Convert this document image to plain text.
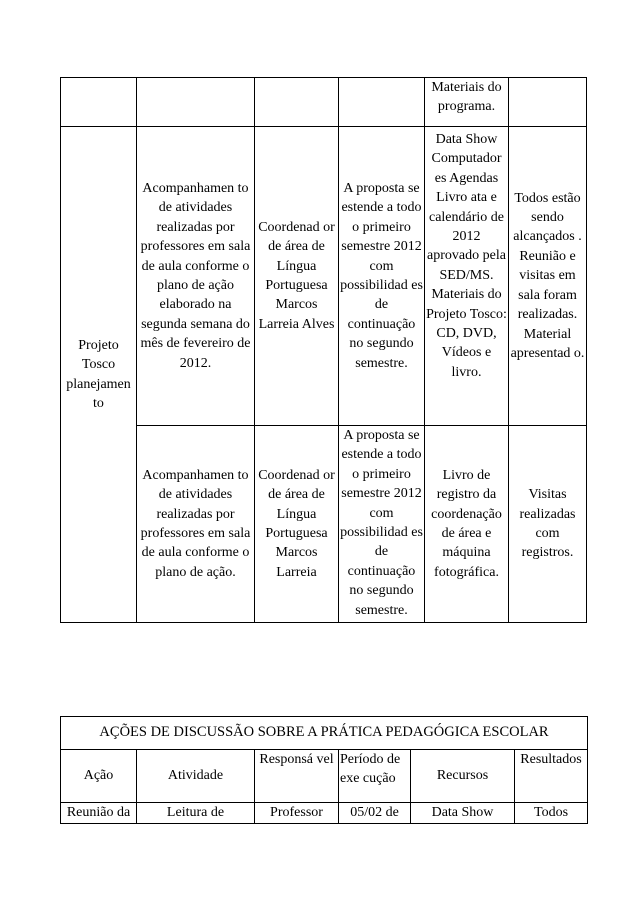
				Materiais do programa.	
Projeto Tosco planejamen to	Acompanhamen to de atividades realizadas por professores em sala de aula conforme o plano de ação elaborado na segunda semana do mês de fevereiro de 2012.	Coordenad or de área de Língua Portuguesa Marcos Larreia Alves	A proposta se estende a todo o primeiro semestre 2012 com possibilidad es de continuação no segundo semestre.	Data Show Computador es Agendas Livro ata e calendário de 2012 aprovado pela SED/MS. Materiais do Projeto Tosco: CD, DVD, Vídeos e livro.	Todos estão sendo alcançados . Reunião e visitas em sala foram realizadas. Material apresentad o.
	Acompanhamen to de atividades realizadas por professores em sala de aula conforme o plano de ação.	Coordenad or de área de Língua Portuguesa Marcos Larreia	A proposta se estende a todo o primeiro semestre 2012 com possibilidad es de continuação no segundo semestre.	Livro de registro da coordenação de área e máquina fotográfica.	Visitas realizadas com registros.
AÇÕES DE DISCUSSÃO SOBRE A PRÁTICA PEDAGÓGICA ESCOLAR					
Ação	Atividade	Responsá vel	Período de exe cução	Recursos	Resultados
Reunião da	Leitura de	Professor	05/02 de	Data Show	Todos
